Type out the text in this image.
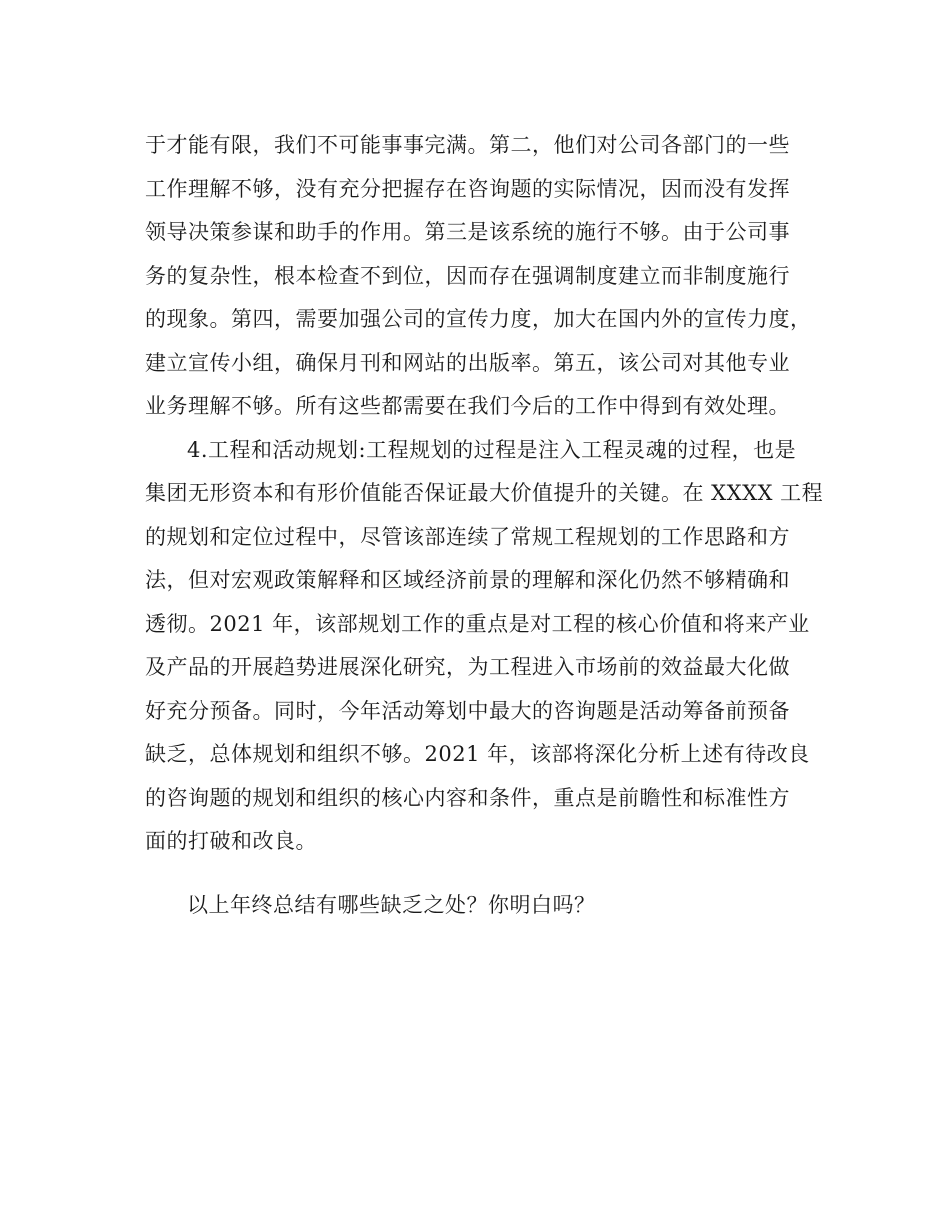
于才能有限，我们不可能事事完满。第二，他们对公司各部门的一些
工作理解不够，没有充分把握存在咨询题的实际情况，因而没有发挥
领导决策参谋和助手的作用。第三是该系统的施行不够。由于公司事
务的复杂性，根本检查不到位，因而存在强调制度建立而非制度施行
的现象。第四，需要加强公司的宣传力度，加大在国内外的宣传力度，
建立宣传小组，确保月刊和网站的出版率。第五，该公司对其他专业
业务理解不够。所有这些都需要在我们今后的工作中得到有效处理。
4.工程和活动规划:工程规划的过程是注入工程灵魂的过程，也是
集团无形资本和有形价值能否保证最大价值提升的关键。在 XXXX 工程
的规划和定位过程中，尽管该部连续了常规工程规划的工作思路和方
法，但对宏观政策解释和区域经济前景的理解和深化仍然不够精确和
透彻。2021 年，该部规划工作的重点是对工程的核心价值和将来产业
及产品的开展趋势进展深化研究，为工程进入市场前的效益最大化做
好充分预备。同时，今年活动筹划中最大的咨询题是活动筹备前预备
缺乏，总体规划和组织不够。2021 年，该部将深化分析上述有待改良
的咨询题的规划和组织的核心内容和条件，重点是前瞻性和标准性方
面的打破和改良。
以上年终总结有哪些缺乏之处？你明白吗？
